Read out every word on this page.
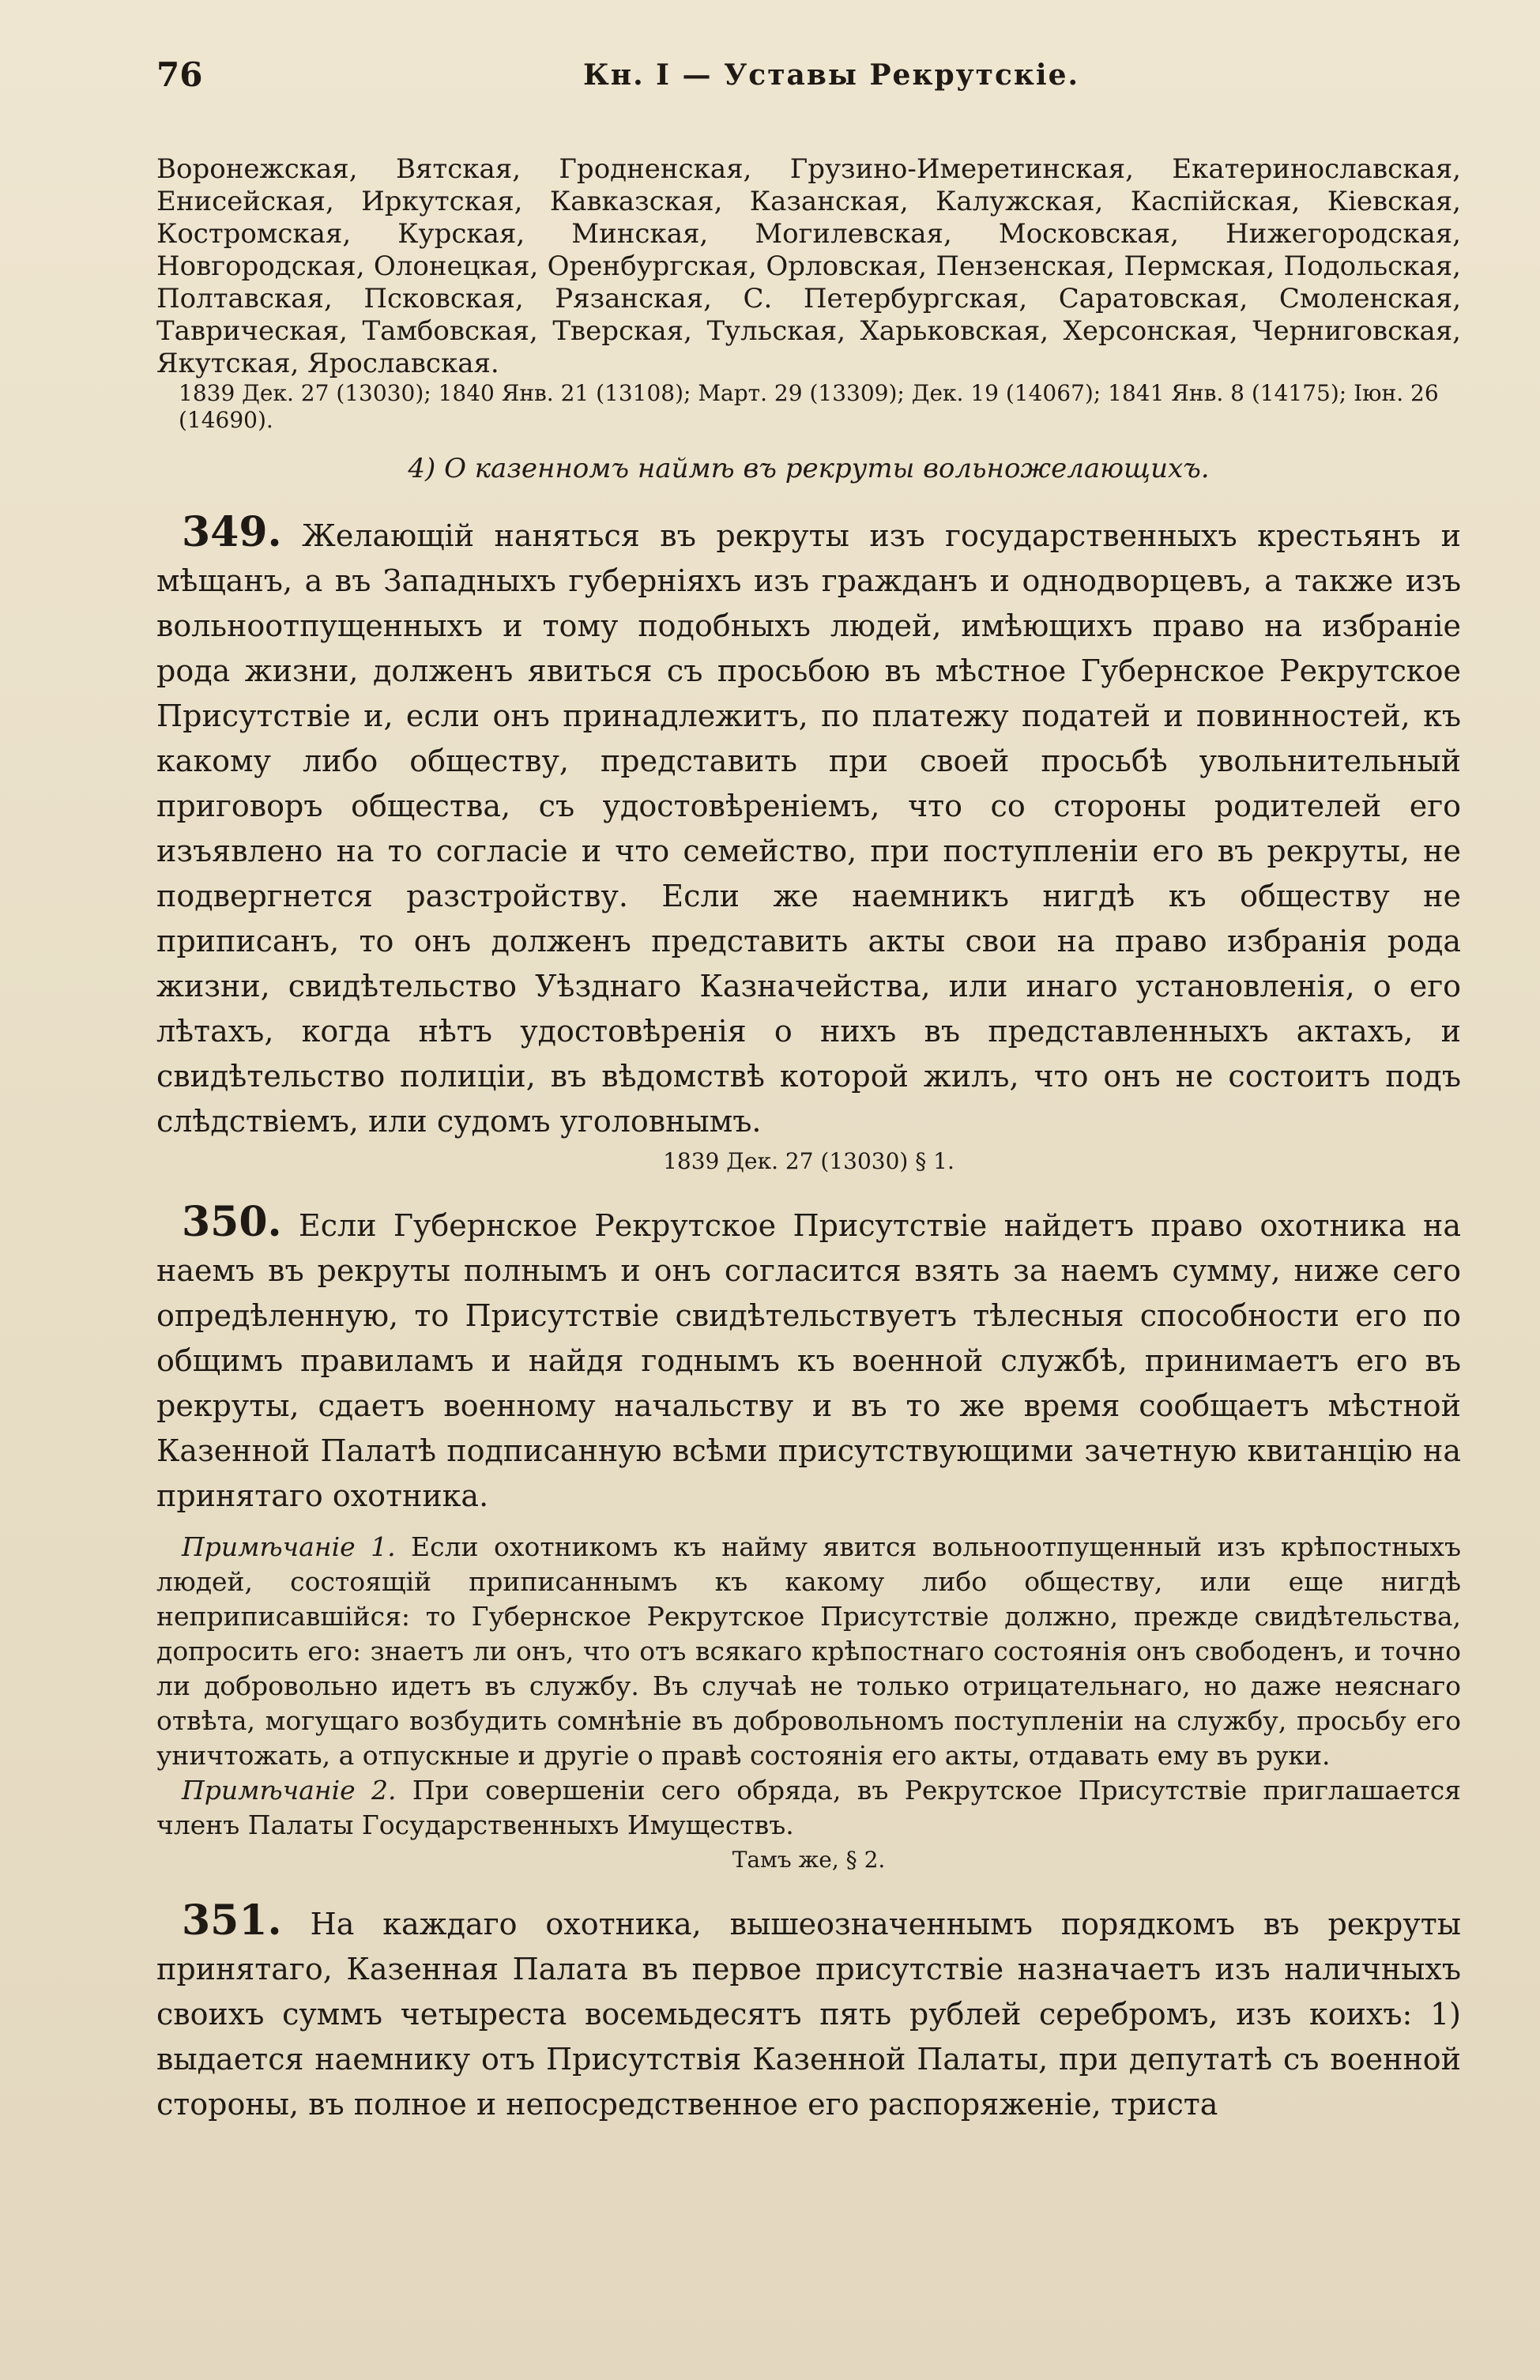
76	Кн. I — Уставы Рекрутскіе.

Воронежская, Вятская, Гродненская, Грузино-Имеретинская, Екатеринославская, Енисейская, Иркутская, Кавказская, Казанская, Калужская, Каспійская, Кіевская, Костромская, Курская, Минская, Могилевская, Московская, Нижегородская, Новгородская, Олонецкая, Оренбургская, Орловская, Пензенская, Пермская, Подольская, Полтавская, Псковская, Рязанская, С. Петербургская, Саратовская, Смоленская, Таврическая, Тамбовская, Тверская, Тульская, Харьковская, Херсонская, Черниговская, Якутская, Ярославская.

1839 Дек. 27 (13030); 1840 Янв. 21 (13108); Март. 29 (13309); Дек. 19 (14067); 1841 Янв. 8 (14175); Іюн. 26 (14690).
4) О казенномъ наймѣ въ рекруты вольножелающихъ.

349. Желающій наняться въ рекруты изъ государственныхъ крестьянъ и мѣщанъ, а въ Западныхъ губерніяхъ изъ гражданъ и однодворцевъ, а также изъ вольноотпущенныхъ и тому подобныхъ людей, имѣющихъ право на избраніе рода жизни, долженъ явиться съ просьбою въ мѣстное Губернское Рекрутское Присутствіе и, если онъ принадлежитъ, по платежу податей и повинностей, къ какому либо обществу, представить при своей просьбѣ увольнительный приговоръ общества, съ удостовѣреніемъ, что со стороны родителей его изъявлено на то согласіе и что семейство, при поступленіи его въ рекруты, не подвергнется разстройству. Если же наемникъ нигдѣ къ обществу не приписанъ, то онъ долженъ представить акты свои на право избранія рода жизни, свидѣтельство Уѣзднаго Казначейства, или инаго установленія, о его лѣтахъ, когда нѣтъ удостовѣренія о нихъ въ представленныхъ актахъ, и свидѣтельство полиціи, въ вѣдомствѣ которой жилъ, что онъ не состоитъ подъ слѣдствіемъ, или судомъ уголовнымъ.

1839 Дек. 27 (13030) § 1.

350. Если Губернское Рекрутское Присутствіе найдетъ право охотника на наемъ въ рекруты полнымъ и онъ согласится взять за наемъ сумму, ниже сего опредѣленную, то Присутствіе свидѣтельствуетъ тѣлесныя способности его по общимъ правиламъ и найдя годнымъ къ военной службѣ, принимаетъ его въ рекруты, сдаетъ военному начальству и въ то же время сообщаетъ мѣстной Казенной Палатѣ подписанную всѣми присутствующими зачетную квитанцію на принятаго охотника.

Примѣчаніе 1. Если охотникомъ къ найму явится вольноотпущенный изъ крѣпостныхъ людей, состоящій приписаннымъ къ какому либо обществу, или еще нигдѣ неприписавшійся: то Губернское Рекрутское Присутствіе должно, прежде свидѣтельства, допросить его: знаетъ ли онъ, что отъ всякаго крѣпостнаго состоянія онъ свободенъ, и точно ли добровольно идетъ въ службу. Въ случаѣ не только отрицательнаго, но даже неяснаго отвѣта, могущаго возбудить сомнѣніе въ добровольномъ поступленіи на службу, просьбу его уничтожать, а отпускные и другіе о правѣ состоянія его акты, отдавать ему въ руки.

Примѣчаніе 2. При совершеніи сего обряда, въ Рекрутское Присутствіе приглашается членъ Палаты Государственныхъ Имуществъ.

Тамъ же, § 2.

351. На каждаго охотника, вышеозначеннымъ порядкомъ въ рекруты принятаго, Казенная Палата въ первое присутствіе назначаетъ изъ наличныхъ своихъ суммъ четыреста восемьдесятъ пять рублей серебромъ, изъ коихъ: 1) выдается наемнику отъ Присутствія Казенной Палаты, при депутатѣ съ военной стороны, въ полное и непосредственное его распоряженіе, триста
